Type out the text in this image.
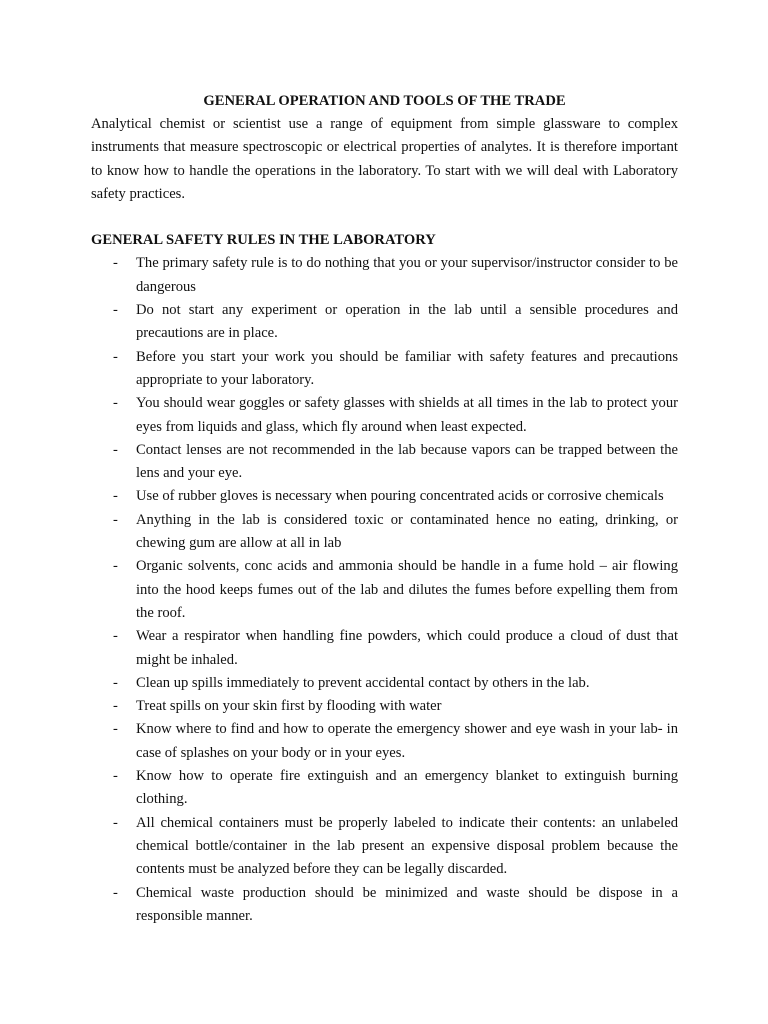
GENERAL OPERATION AND TOOLS OF THE TRADE

Analytical chemist or scientist use a range of equipment from simple glassware to complex instruments that measure spectroscopic or electrical properties of analytes. It is therefore important to know how to handle the operations in the laboratory. To start with we will deal with Laboratory safety practices.

GENERAL SAFETY RULES IN THE LABORATORY
- The primary safety rule is to do nothing that you or your supervisor/instructor consider to be dangerous
- Do not start any experiment or operation in the lab until a sensible procedures and precautions are in place.
- Before you start your work you should be familiar with safety features and precautions appropriate to your laboratory.
- You should wear goggles or safety glasses with shields at all times in the lab to protect your eyes from liquids and glass, which fly around when least expected.
- Contact lenses are not recommended in the lab because vapors can be trapped between the lens and your eye.
- Use of rubber gloves is necessary when pouring concentrated acids or corrosive chemicals
- Anything in the lab is considered toxic or contaminated hence no eating, drinking, or chewing gum are allow at all in lab
- Organic solvents, conc acids and ammonia should be handle in a fume hold – air flowing into the hood keeps fumes out of the lab and dilutes the fumes before expelling them from the roof.
- Wear a respirator when handling fine powders, which could produce a cloud of dust that might be inhaled.
- Clean up spills immediately to prevent accidental contact by others in the lab.
- Treat spills on your skin first by flooding with water
- Know where to find and how to operate the emergency shower and eye wash in your lab- in case of splashes on your body or in your eyes.
- Know how to operate fire extinguish and an emergency blanket to extinguish burning clothing.
- All chemical containers must be properly labeled to indicate their contents: an unlabeled chemical bottle/container in the lab present an expensive disposal problem because the contents must be analyzed before they can be legally discarded.
- Chemical waste production should be minimized and waste should be dispose in a responsible manner.
